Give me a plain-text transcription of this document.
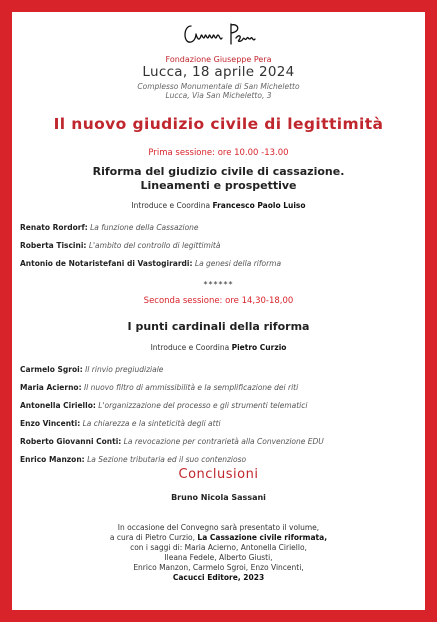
Fondazione Giuseppe Pera
Lucca, 18 aprile 2024
Complesso Monumentale di San Micheletto
Lucca, Via San Micheletto, 3
Il nuovo giudizio civile di legittimità
Prima sessione: ore 10.00 -13.00
Riforma del giudizio civile di cassazione.
Lineamenti e prospettive
Introduce e Coordina Francesco Paolo Luiso
Renato Rordorf: La funzione della Cassazione
Roberta Tiscini: L'ambito del controllo di legittimità
Antonio de Notaristefani di Vastogirardi: La genesi della riforma
******
Seconda sessione: ore 14,30-18,00
I punti cardinali della riforma
Introduce e Coordina Pietro Curzio
Carmelo Sgroi: Il rinvio pregiudiziale
Maria Acierno: Il nuovo filtro di ammissibilità e la semplificazione dei riti
Antonella Ciriello: L'organizzazione del processo e gli strumenti telematici
Enzo Vincenti: La chiarezza e la sinteticità degli atti
Roberto Giovanni Conti: La revocazione per contrarietà alla Convenzione EDU
Enrico Manzon: La Sezione tributaria ed il suo contenzioso
Conclusioni
Bruno Nicola Sassani
In occasione del Convegno sarà presentato il volume,
a cura di Pietro Curzio, La Cassazione civile riformata,
con i saggi di: Maria Acierno, Antonella Ciriello,
Ileana Fedele, Alberto Giusti,
Enrico Manzon, Carmelo Sgroi, Enzo Vincenti,
Cacucci Editore, 2023
